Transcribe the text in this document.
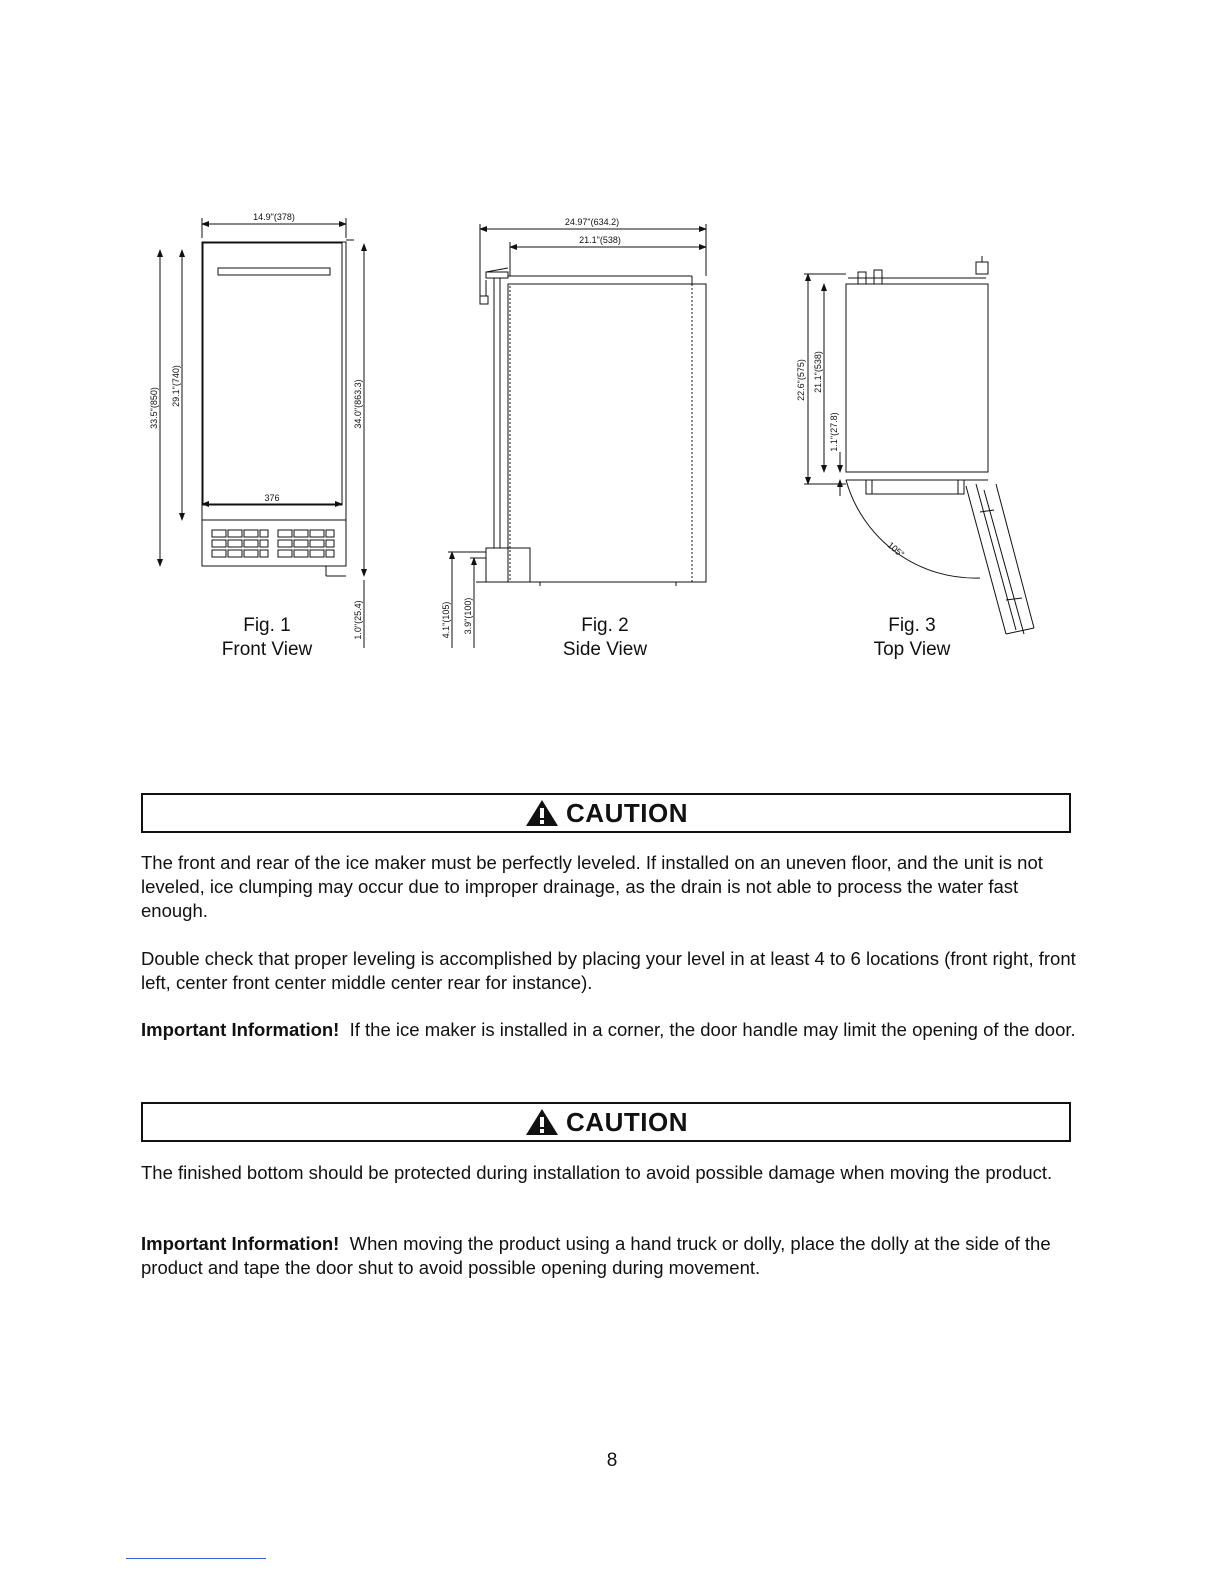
14.9"(378)
376
33.5"(850)
29.1"(740)	34.0"(863.3)
1.0"(25.4)
24.97"(634.2)
21.1"(538)
4.1"(105) 3.9"(100)
22.6"(575) 21.1"(538)
1.1"(27.8)
105°
Fig. 1
Front View
Fig. 2
Side View
Fig. 3
Top View
CAUTION
The front and rear of the ice maker must be perfectly leveled. If installed on an uneven floor, and the unit is not leveled, ice clumping may occur due to improper drainage, as the drain is not able to process the water fast enough.
Double check that proper leveling is accomplished by placing your level in at least 4 to 6 locations (front right, front left, center front center middle center rear for instance).
Important Information! If the ice maker is installed in a corner, the door handle may limit the opening of the door.
CAUTION
The finished bottom should be protected during installation to avoid possible damage when moving the product.
Important Information! When moving the product using a hand truck or dolly, place the dolly at the side of the product and tape the door shut to avoid possible opening during movement.
8
